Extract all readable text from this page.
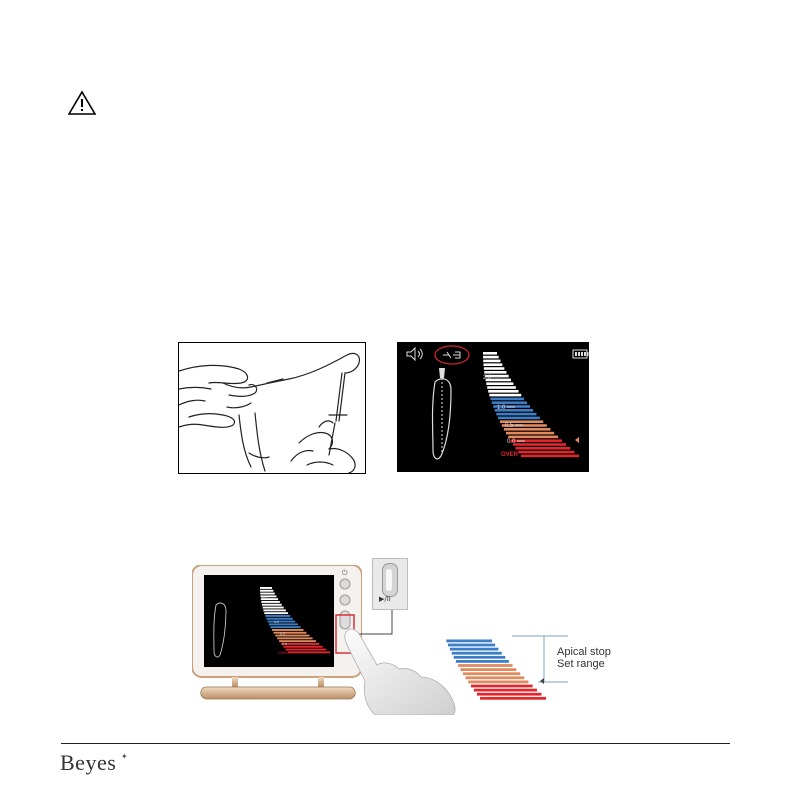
2.0
1.0
0.5
0.0
OVER
⏻
2.0
1.0
0.5
0.0
OVER
▶/II
Apical stop
Set range
Beyes ✦
